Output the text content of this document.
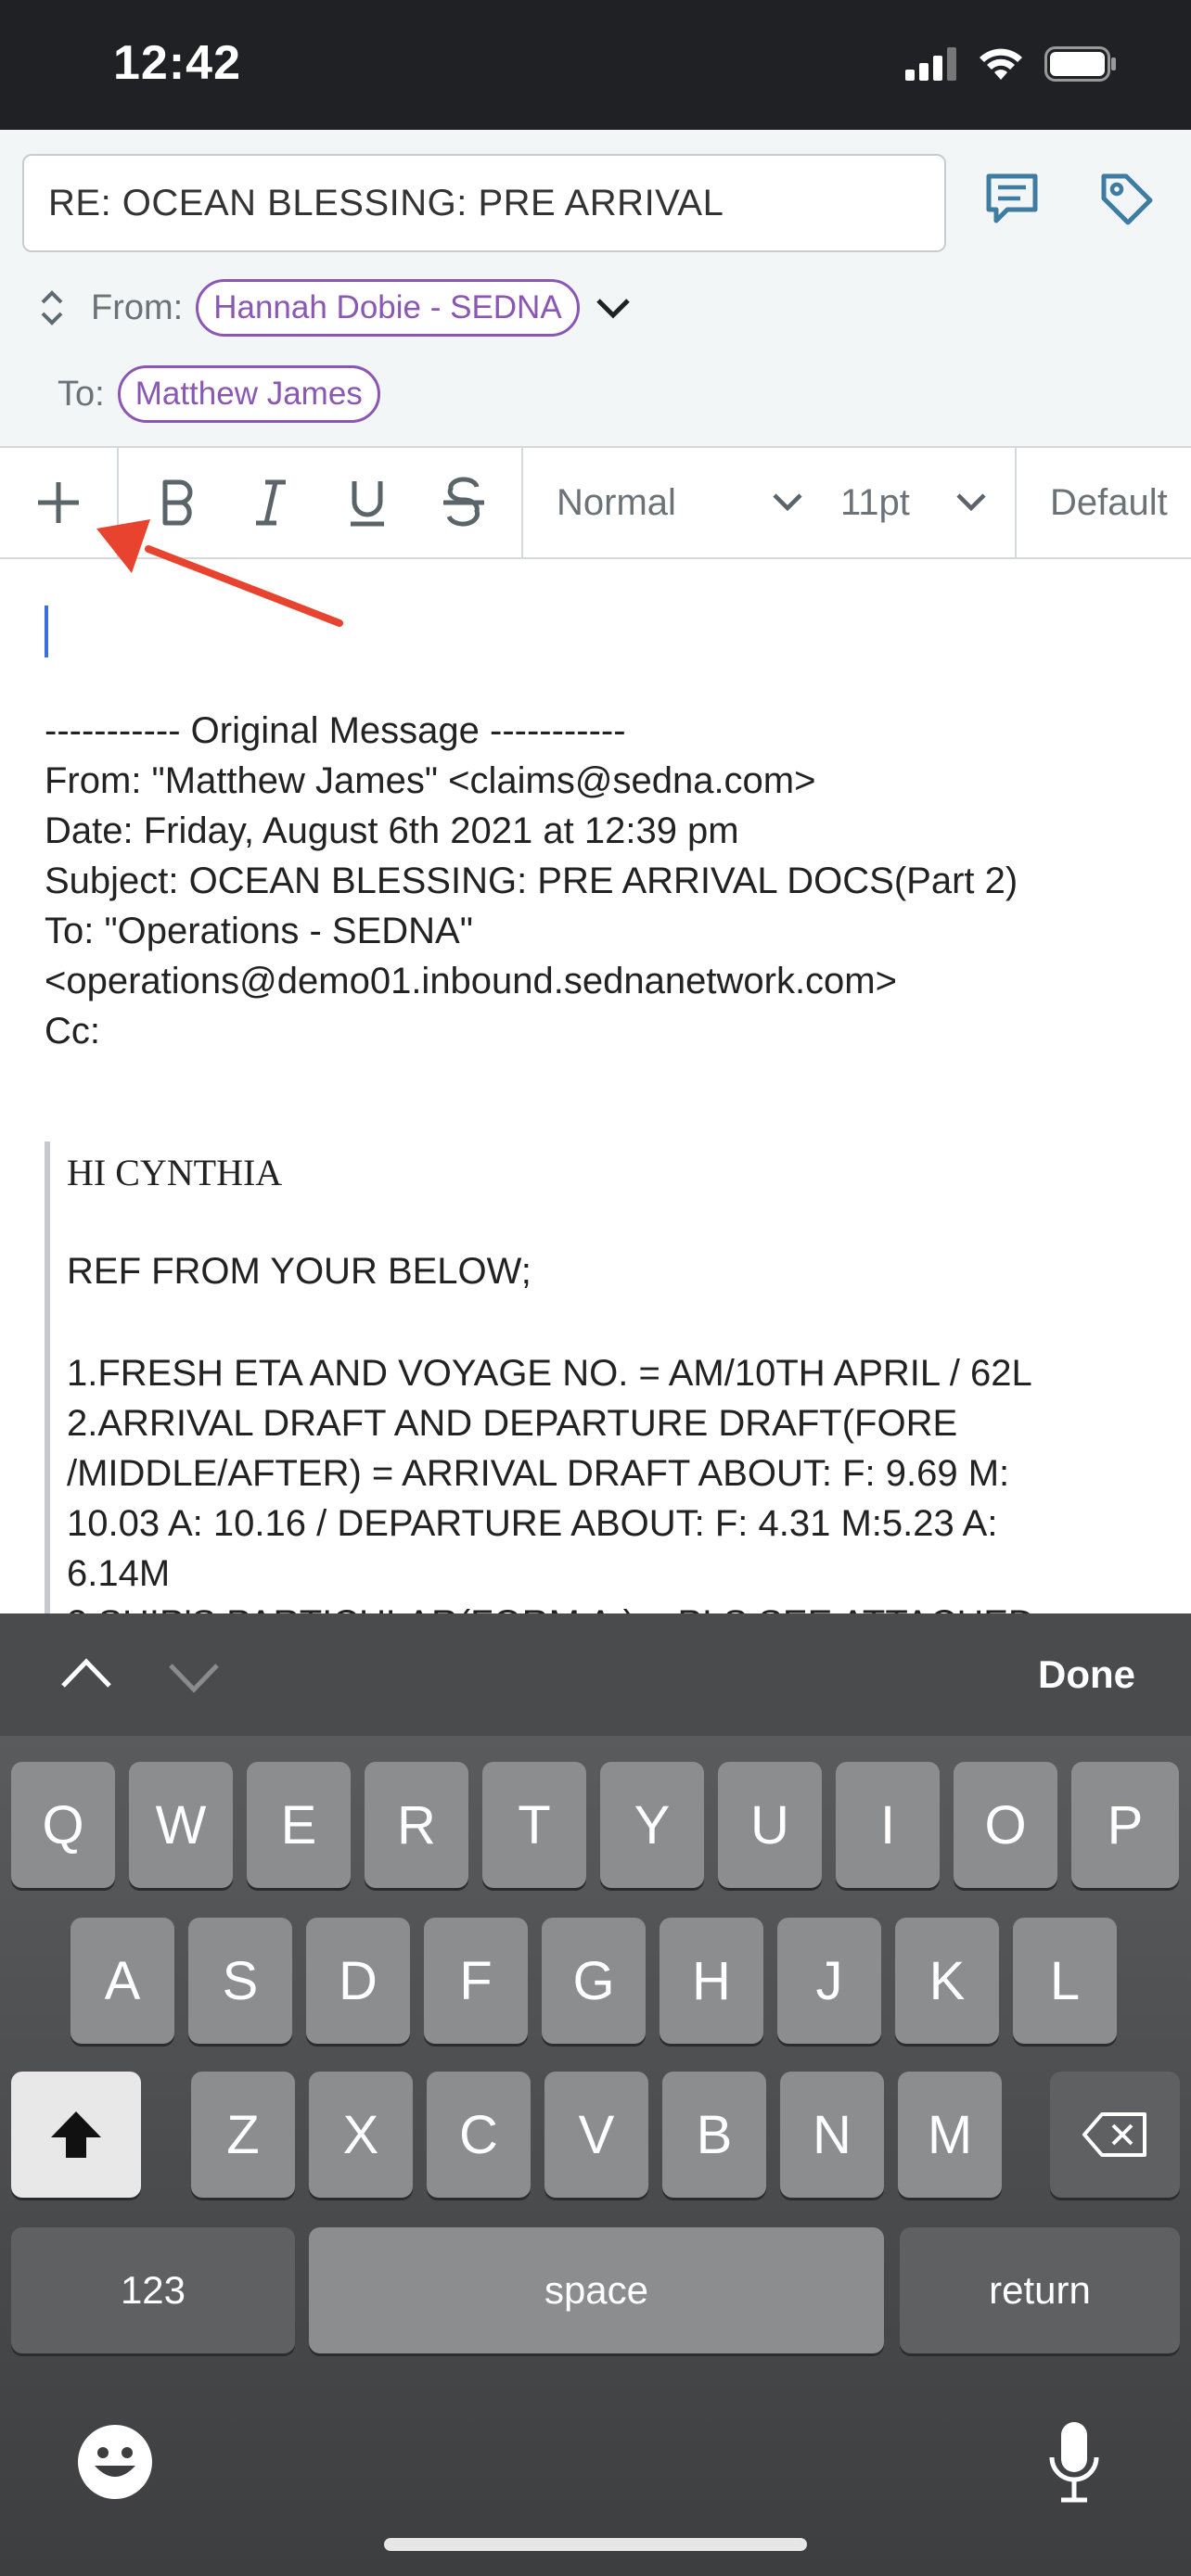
12:42
RE: OCEAN BLESSING: PRE ARRIVAL
From: Hannah Dobie - SEDNA
To: Matthew James
Normal	11pt	Default
----------- Original Message -----------
From: "Matthew James" <claims@sedna.com>
Date: Friday, August 6th 2021 at 12:39 pm
Subject: OCEAN BLESSING: PRE ARRIVAL DOCS(Part 2)
To: "Operations - SEDNA"
<operations@demo01.inbound.sednanetwork.com>
Cc:
HI CYNTHIA
REF FROM YOUR BELOW;
1.FRESH ETA AND VOYAGE NO. = AM/10TH APRIL / 62L
2.ARRIVAL DRAFT AND DEPARTURE DRAFT(FORE
/MIDDLE/AFTER) = ARRIVAL DRAFT ABOUT: F: 9.69 M:
10.03 A: 10.16 / DEPARTURE ABOUT: F: 4.31 M:5.23 A:
6.14M
Done
Q	W	E	R	T	Y	U	I	O	P
A	S	D	F	G	H	J	K	L
Z	X	C	V	B	N	M
123	space	return
